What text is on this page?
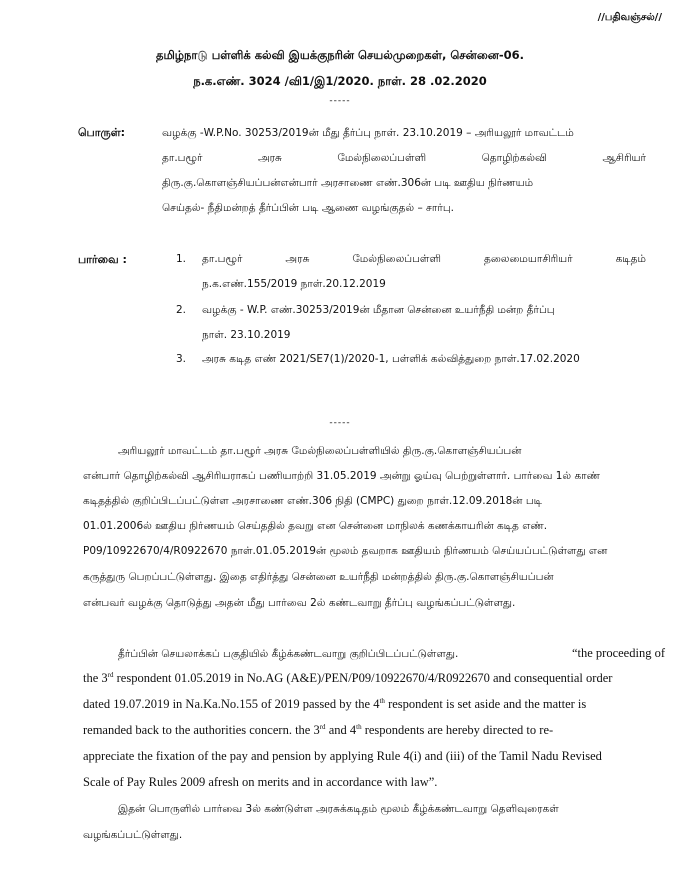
//பதிவஞ்சல்//
தமிழ்நாடு பள்ளிக் கல்வி இயக்குநரின் செயல்முறைகள், சென்னை-06.
ந.க.எண். 3024 /வி1/இ1/2020. நாள். 28 .02.2020
-----
பொருள்:	வழக்கு -W.P.No. 30253/2019ன் மீது தீர்ப்பு நாள். 23.10.2019 – அரியலூர் மாவட்டம்
தா.பழூர்	அரசு	மேல்நிலைப்பள்ளி	தொழிற்கல்வி	ஆசிரியர்
திரு.கு.கொளஞ்சியப்பன்என்பார் அரசாணை எண்.306ன் படி ஊதிய நிர்ணயம்
செய்தல்- நீதிமன்றத் தீர்ப்பின் படி ஆணை வழங்குதல் – சார்பு.
பார்வை :	1. தா.பழூர்	அரசு	மேல்நிலைப்பள்ளி	தலைமையாசிரியர்	கடிதம்
ந.க.எண்.155/2019 நாள்.20.12.2019
2. வழக்கு - W.P. எண்.30253/2019ன் மீதான சென்னை உயர்நீதி மன்ற தீர்ப்பு
நாள். 23.10.2019
3. அரசு கடித எண் 2021/SE7(1)/2020-1, பள்ளிக் கல்வித்துறை நாள்.17.02.2020
-----
அரியலூர் மாவட்டம் தா.பழூர் அரசு மேல்நிலைப்பள்ளியில் திரு.கு.கொளஞ்சியப்பன்
என்பார் தொழிற்கல்வி ஆசிரியராகப் பணியாற்றி 31.05.2019 அன்று ஓய்வு பெற்றுள்ளார். பார்வை 1ல் காண்
கடிதத்தில் குறிப்பிடப்பட்டுள்ள அரசாணை எண்.306 நிதி (CMPC) துறை நாள்.12.09.2018ன் படி
01.01.2006ல் ஊதிய நிர்ணயம் செய்ததில் தவறு என சென்னை மாநிலக் கணக்காயரின் கடித எண்.
P09/10922670/4/R0922670 நாள்.01.05.2019ன் மூலம் தவறாக ஊதியம் நிர்ணயம் செய்யப்பட்டுள்ளது என
கருத்துரு பெறப்பட்டுள்ளது. இதை எதிர்த்து சென்னை உயர்நீதி மன்றத்தில் திரு.கு.கொளஞ்சியப்பன்
என்பவர் வழக்கு தொடுத்து அதன் மீது பார்வை 2ல் கண்டவாறு தீர்ப்பு வழங்கப்பட்டுள்ளது.
தீர்ப்பின் செயலாக்கப் பகுதியில் கீழ்க்கண்டவாறு குறிப்பிடப்பட்டுள்ளது.	“the proceeding of
the 3rd respondent 01.05.2019 in No.AG (A&E)/PEN/P09/10922670/4/R0922670 and consequential order
dated 19.07.2019 in Na.Ka.No.155 of 2019 passed by the 4th respondent is set aside and the matter is
remanded back to the authorities concern. the 3rd and 4th respondents are hereby directed to re-
appreciate the fixation of the pay and pension by applying Rule 4(i) and (iii) of the Tamil Nadu Revised
Scale of Pay Rules 2009 afresh on merits and in accordance with law”.
இதன் பொருளில் பார்வை 3ல் கண்டுள்ள அரசுக்கடிதம் மூலம் கீழ்க்கண்டவாறு தெளிவுரைகள்
வழங்கப்பட்டுள்ளது.
